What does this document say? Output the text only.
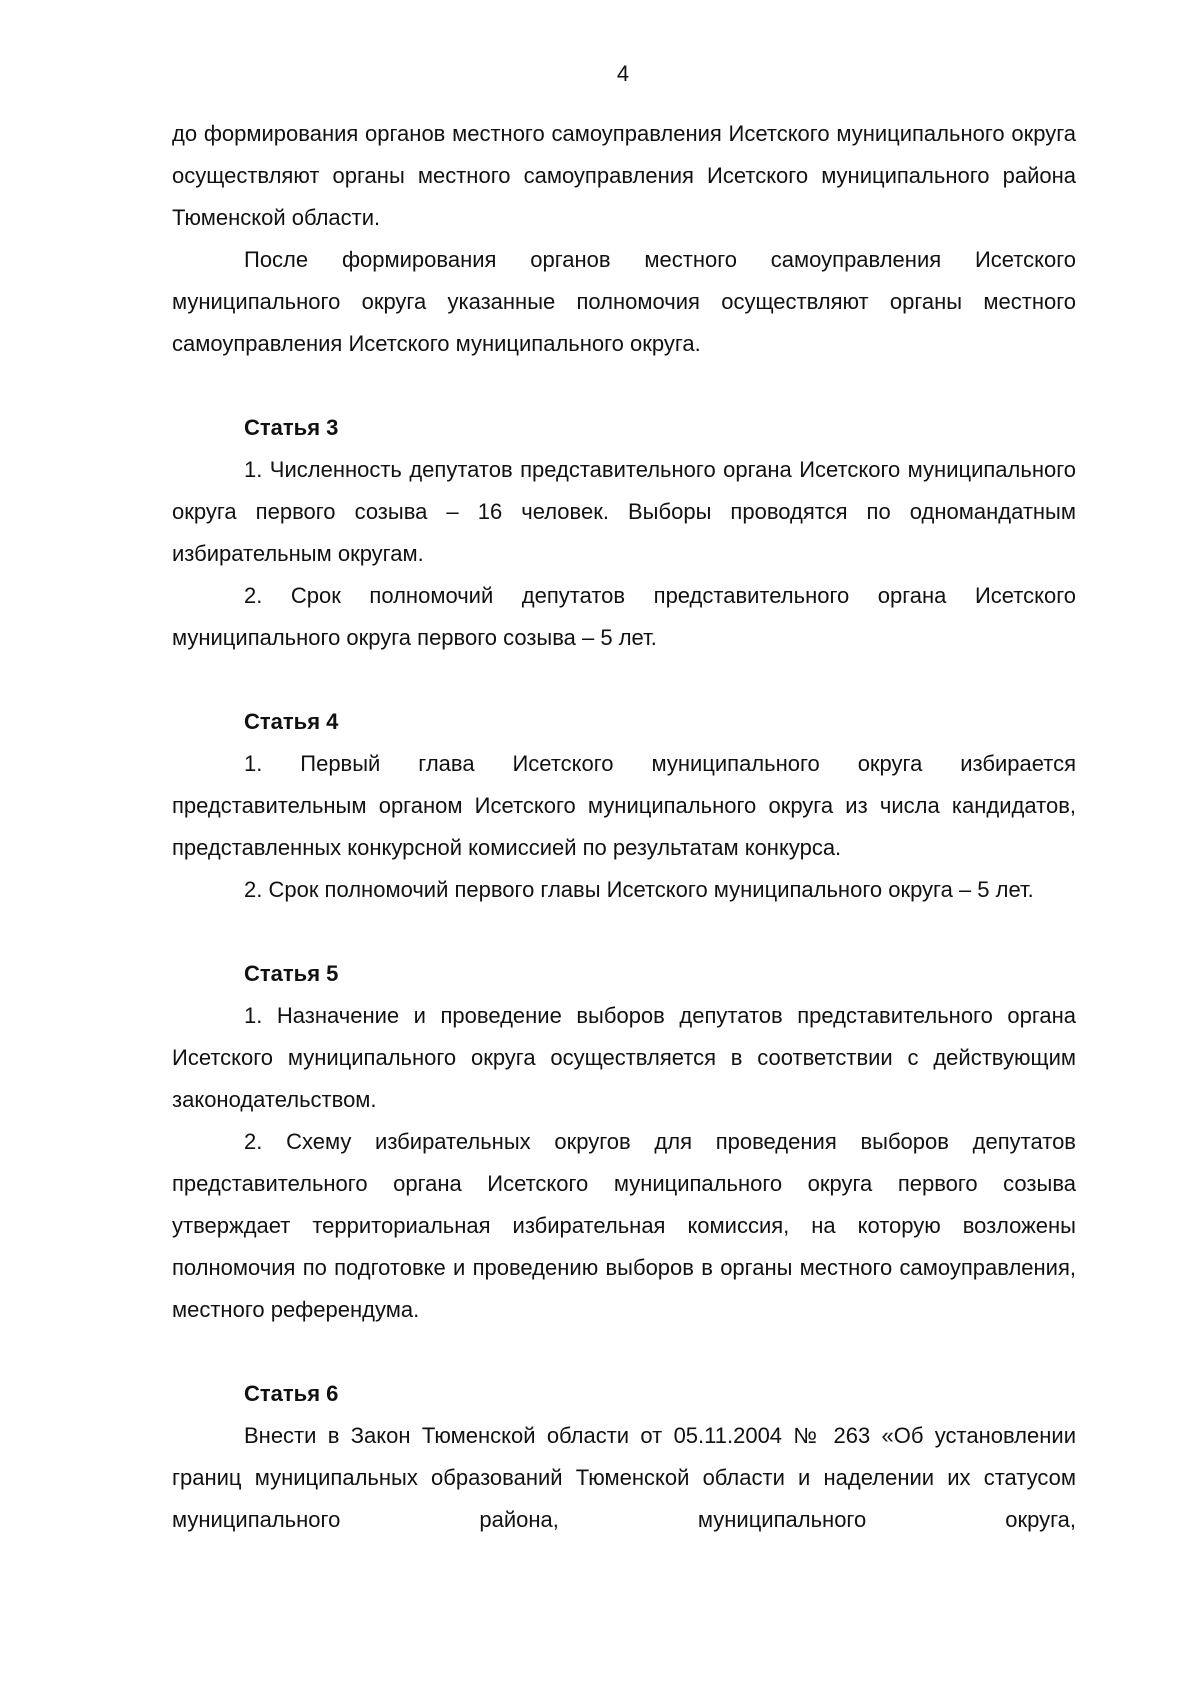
4

до формирования органов местного самоуправления Исетского муниципального округа осуществляют органы местного самоуправления Исетского муниципального района Тюменской области.

После формирования органов местного самоуправления Исетского муниципального округа указанные полномочия осуществляют органы местного самоуправления Исетского муниципального округа.

Статья 3

1. Численность депутатов представительного органа Исетского муниципального округа первого созыва – 16 человек. Выборы проводятся по одномандатным избирательным округам.

2. Срок полномочий депутатов представительного органа Исетского муниципального округа первого созыва – 5 лет.

Статья 4

1. Первый глава Исетского муниципального округа избирается представительным органом Исетского муниципального округа из числа кандидатов, представленных конкурсной комиссией по результатам конкурса.

2. Срок полномочий первого главы Исетского муниципального округа – 5 лет.

Статья 5

1. Назначение и проведение выборов депутатов представительного органа Исетского муниципального округа осуществляется в соответствии с действующим законодательством.

2. Схему избирательных округов для проведения выборов депутатов представительного органа Исетского муниципального округа первого созыва утверждает территориальная избирательная комиссия, на которую возложены полномочия по подготовке и проведению выборов в органы местного самоуправления, местного референдума.

Статья 6

Внести в Закон Тюменской области от 05.11.2004 № 263 «Об установлении границ муниципальных образований Тюменской области и наделении их статусом муниципального района, муниципального округа,
